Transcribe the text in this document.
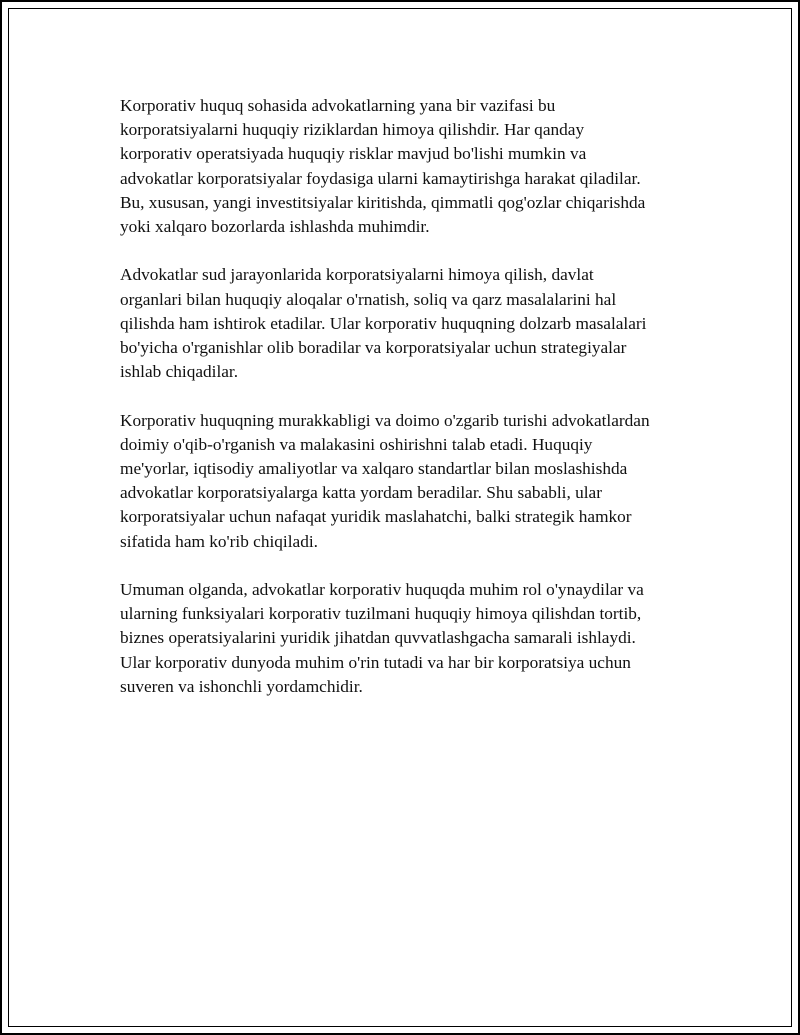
Korporativ huquq sohasida advokatlarning yana bir vazifasi bu
korporatsiyalarni huquqiy riziklardan himoya qilishdir. Har qanday
korporativ operatsiyada huquqiy risklar mavjud bo'lishi mumkin va
advokatlar korporatsiyalar foydasiga ularni kamaytirishga harakat qiladilar.
Bu, xususan, yangi investitsiyalar kiritishda, qimmatli qog'ozlar chiqarishda
yoki xalqaro bozorlarda ishlashda muhimdir.

Advokatlar sud jarayonlarida korporatsiyalarni himoya qilish, davlat
organlari bilan huquqiy aloqalar o'rnatish, soliq va qarz masalalarini hal
qilishda ham ishtirok etadilar. Ular korporativ huquqning dolzarb masalalari
bo'yicha o'rganishlar olib boradilar va korporatsiyalar uchun strategiyalar
ishlab chiqadilar.

Korporativ huquqning murakkabligi va doimo o'zgarib turishi advokatlardan
doimiy o'qib-o'rganish va malakasini oshirishni talab etadi. Huquqiy
me'yorlar, iqtisodiy amaliyotlar va xalqaro standartlar bilan moslashishda
advokatlar korporatsiyalarga katta yordam beradilar. Shu sababli, ular
korporatsiyalar uchun nafaqat yuridik maslahatchi, balki strategik hamkor
sifatida ham ko'rib chiqiladi.

Umuman olganda, advokatlar korporativ huquqda muhim rol o'ynaydilar va
ularning funksiyalari korporativ tuzilmani huquqiy himoya qilishdan tortib,
biznes operatsiyalarini yuridik jihatdan quvvatlashgacha samarali ishlaydi.
Ular korporativ dunyoda muhim o'rin tutadi va har bir korporatsiya uchun
suveren va ishonchli yordamchidir.
